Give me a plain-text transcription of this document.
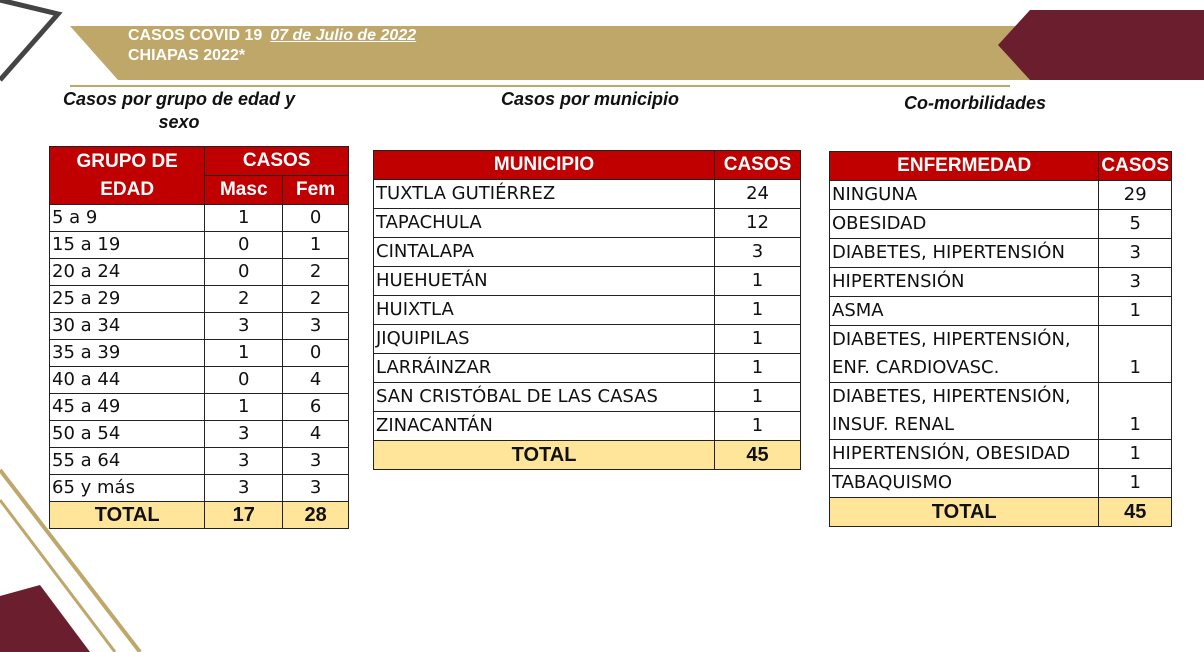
CASOS COVID 19 07 de Julio de 2022
CHIAPAS 2022*
Casos por grupo de edad y sexo
Casos por municipio	Co-morbilidades
GRUPO DE EDAD	CASOS	
	Masc	Fem
5 a 9	1	0
15 a 19	0	1
20 a 24	0	2
25 a 29	2	2
30 a 34	3	3
35 a 39	1	0
40 a 44	0	4
45 a 49	1	6
50 a 54	3	4
55 a 64	3	3
65 y más	3	3
TOTAL	17	28
MUNICIPIO	CASOS
TUXTLA GUTIÉRREZ	24
TAPACHULA	12
CINTALAPA	3
HUEHUETÁN	1
HUIXTLA	1
JIQUIPILAS	1
LARRÁINZAR	1
SAN CRISTÓBAL DE LAS CASAS	1
ZINACANTÁN	1
TOTAL	45
ENFERMEDAD	CASOS
NINGUNA	29
OBESIDAD	5
DIABETES, HIPERTENSIÓN	3
HIPERTENSIÓN	3
ASMA	1

DIABETES, HIPERTENSIÓN,
ENF. CARDIOVASC.	1

DIABETES, HIPERTENSIÓN,
INSUF. RENAL	1
HIPERTENSIÓN, OBESIDAD	1
TABAQUISMO	1
TOTAL	45
